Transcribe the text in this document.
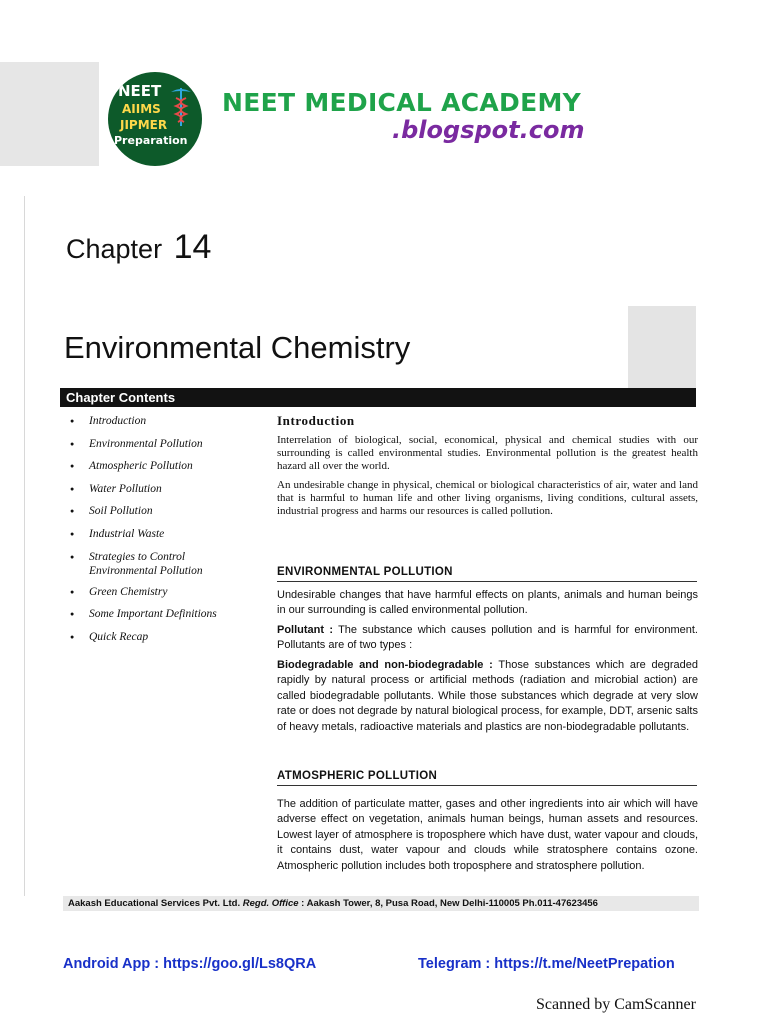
NEET
AIIMS
JIPMER
Preparation
NEET MEDICAL ACADEMY
.blogspot.com
Chapter 14
Environmental Chemistry
Chapter Contents
● Introduction
● Environmental Pollution
● Atmospheric Pollution
● Water Pollution
● Soil Pollution
● Industrial Waste
● Strategies to Control Environmental Pollution
● Green Chemistry
● Some Important Definitions
● Quick Recap
Introduction
Interrelation of biological, social, economical, physical and chemical studies with our surrounding is called environmental studies. Environmental pollution is the greatest health hazard all over the world.
An undesirable change in physical, chemical or biological characteristics of air, water and land that is harmful to human life and other living organisms, living conditions, cultural assets, industrial progress and harms our resources is called pollution.
ENVIRONMENTAL POLLUTION
Undesirable changes that have harmful effects on plants, animals and human beings in our surrounding is called environmental pollution.
Pollutant : The substance which causes pollution and is harmful for environment. Pollutants are of two types :
Biodegradable and non-biodegradable : Those substances which are degraded rapidly by natural process or artificial methods (radiation and microbial action) are called biodegradable pollutants. While those substances which degrade at very slow rate or does not degrade by natural biological process, for example, DDT, arsenic salts of heavy metals, radioactive materials and plastics are non-biodegradable pollutants.
ATMOSPHERIC POLLUTION
The addition of particulate matter, gases and other ingredients into air which will have adverse effect on vegetation, animals human beings, human assets and resources. Lowest layer of atmosphere is troposphere which have dust, water vapour and clouds, it contains dust, water vapour and clouds while stratosphere contains ozone. Atmospheric pollution includes both troposphere and stratosphere pollution.
Aakash Educational Services Pvt. Ltd. Regd. Office : Aakash Tower, 8, Pusa Road, New Delhi-110005 Ph.011-47623456
Android App : https://goo.gl/Ls8QRA	Telegram : https://t.me/NeetPrepation
Scanned by CamScanner
